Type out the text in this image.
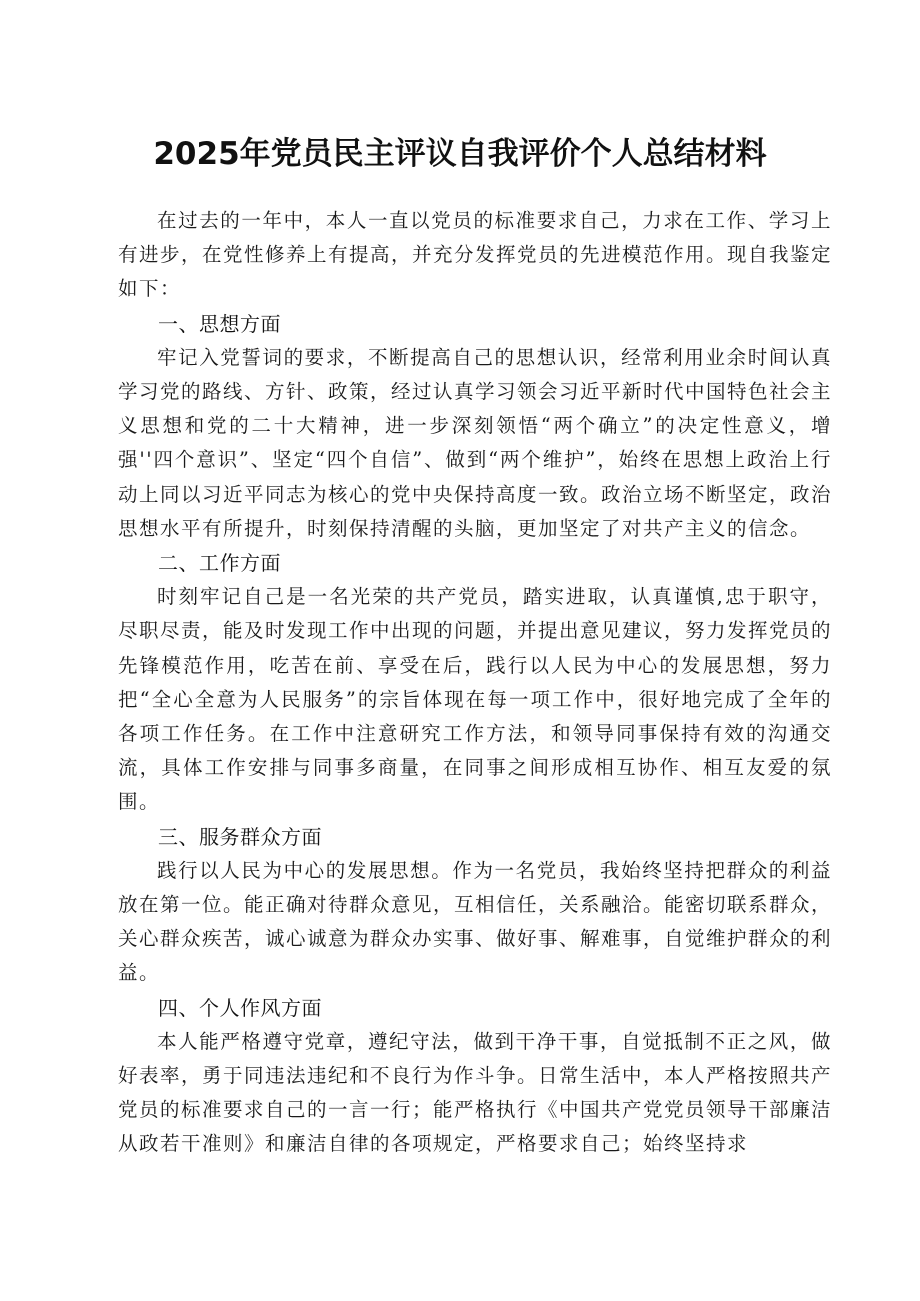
2025年党员民主评议自我评价个人总结材料

在过去的一年中，本人一直以党员的标准要求自己，力求在工作、学习上有进步，在党性修养上有提高，并充分发挥党员的先进模范作用。现自我鉴定如下：

一、思想方面

牢记入党誓词的要求，不断提高自己的思想认识，经常利用业余时间认真学习党的路线、方针、政策，经过认真学习领会习近平新时代中国特色社会主义思想和党的二十大精神，进一步深刻领悟“两个确立”的决定性意义，增强''四个意识”、坚定“四个自信”、做到“两个维护”，始终在思想上政治上行动上同以习近平同志为核心的党中央保持高度一致。政治立场不断坚定，政治思想水平有所提升，时刻保持清醒的头脑，更加坚定了对共产主义的信念。

二、工作方面

时刻牢记自己是一名光荣的共产党员，踏实进取，认真谨慎,忠于职守，尽职尽责，能及时发现工作中出现的问题，并提出意见建议，努力发挥党员的先锋模范作用，吃苦在前、享受在后，践行以人民为中心的发展思想，努力把“全心全意为人民服务”的宗旨体现在每一项工作中，很好地完成了全年的各项工作任务。在工作中注意研究工作方法，和领导同事保持有效的沟通交流，具体工作安排与同事多商量，在同事之间形成相互协作、相互友爱的氛围。

三、服务群众方面

践行以人民为中心的发展思想。作为一名党员，我始终坚持把群众的利益放在第一位。能正确对待群众意见，互相信任，关系融洽。能密切联系群众，关心群众疾苦，诚心诚意为群众办实事、做好事、解难事，自觉维护群众的利益。

四、个人作风方面

本人能严格遵守党章，遵纪守法，做到干净干事，自觉抵制不正之风，做好表率，勇于同违法违纪和不良行为作斗争。日常生活中，本人严格按照共产党员的标准要求自己的一言一行；能严格执行《中国共产党党员领导干部廉洁从政若干准则》和廉洁自律的各项规定，严格要求自己；始终坚持求
